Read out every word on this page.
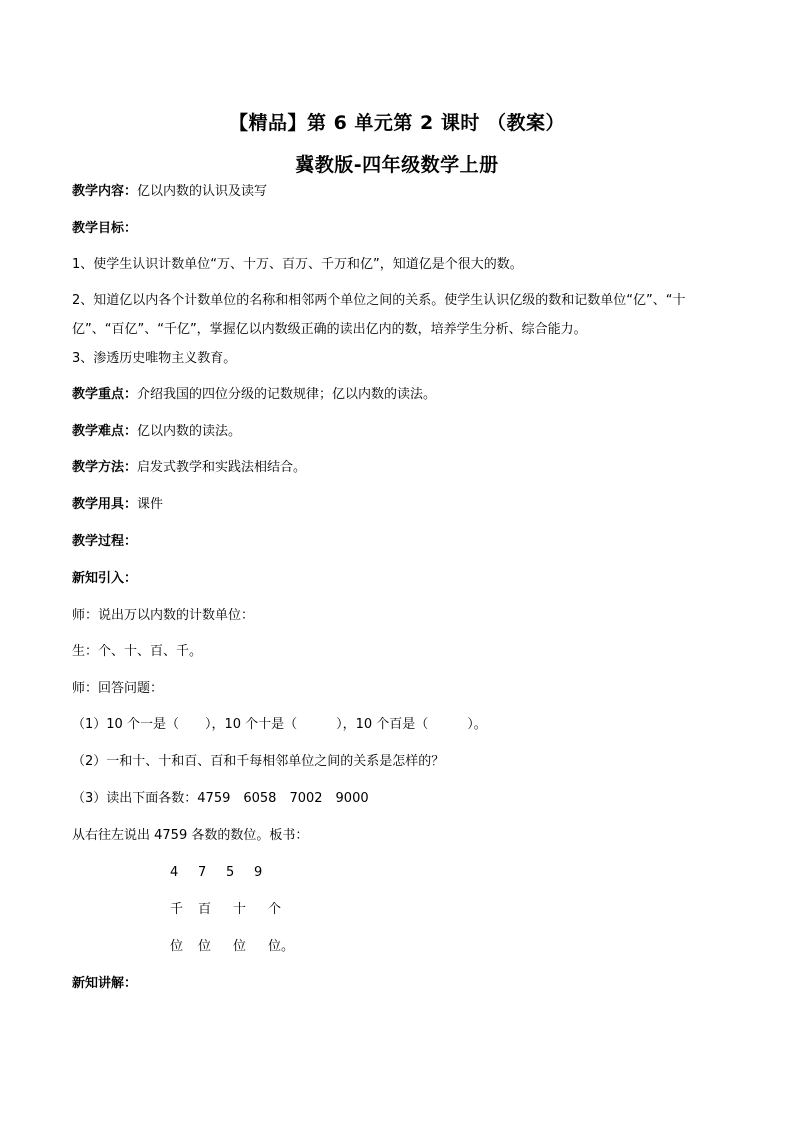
【精品】第 6 单元第 2 课时 （教案）
冀教版-四年级数学上册
教学内容：亿以内数的认识及读写
教学目标：
1、使学生认识计数单位“万、十万、百万、千万和亿”，知道亿是个很大的数。
2、知道亿以内各个计数单位的名称和相邻两个单位之间的关系。使学生认识亿级的数和记数单位“亿”、“十亿”、“百亿”、“千亿”，掌握亿以内数级正确的读出亿内的数，培养学生分析、综合能力。
3、渗透历史唯物主义教育。
教学重点：介绍我国的四位分级的记数规律；亿以内数的读法。
教学难点：亿以内数的读法。
教学方法：启发式教学和实践法相结合。
教学用具：课件
教学过程：
新知引入：
师：说出万以内数的计数单位：
生：个、十、百、千。
师：回答问题：
（1）10 个一是（　　），10 个十是（　　　），10 个百是（　　　）。
（2）一和十、十和百、百和千每相邻单位之间的关系是怎样的？
（3）读出下面各数：4759　6058　7002　9000
从右往左说出 4759 各数的数位。板书：
4 7 5 9
千 百 十 个
位 位 位 位。
新知讲解：
